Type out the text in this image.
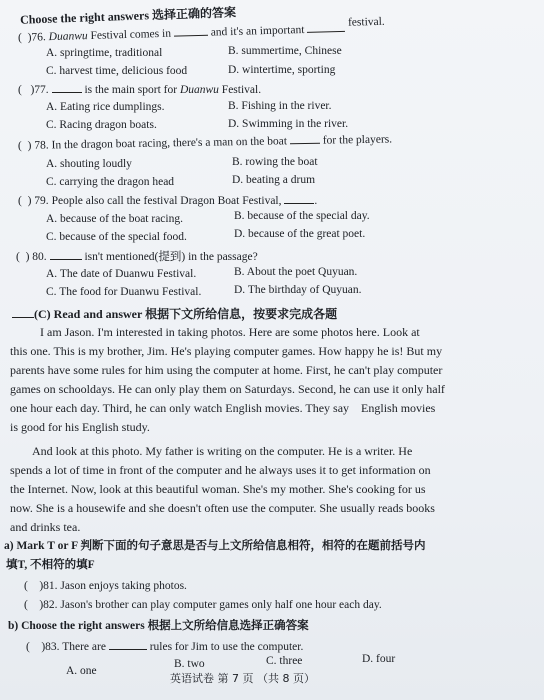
Choose the right answers 选择正确的答案
(  )76. Duanwu Festival comes in	and it's an important  festival.
A. springtime, traditional	B. summertime, Chinese
C. harvest time, delicious food	D. wintertime, sporting
(   )77.	is the main sport for Duanwu Festival.
A. Eating rice dumplings.	B. Fishing in the river.
C. Racing dragon boats.	D. Swimming in the river.
(  ) 78. In the dragon boat racing, there's a man on the boat	for the players.
A. shouting loudly	B. rowing the boat
C. carrying the dragon head	D. beating a drum
(  ) 79. People also call the festival Dragon Boat Festival,	.
A. because of the boat racing.	B. because of the special day.
C. because of the special food.	D. because of the great poet.
(  ) 80.	isn't mentioned(提到) in the passage?
A. The date of Duanwu Festival.	B. About the poet Quyuan.
C. The food for Duanwu Festival.	D. The birthday of Quyuan.
(C) Read and answer 根据下文所给信息，按要求完成各题
I am Jason. I'm interested in taking photos. Here are some photos here. Look at
this one. This is my brother, Jim. He's playing computer games. How happy he is! But my
parents have some rules for him using the computer at home. First, he can't play computer
games on schooldays. He can only play them on Saturdays. Second, he can use it only half
one hour each day. Third, he can only watch English movies. They say    English movies
is good for his English study.
And look at this photo. My father is writing on the computer. He is a writer. He
spends a lot of time in front of the computer and he always uses it to get information on
the Internet. Now, look at this beautiful woman. She's my mother. She's cooking for us
now. She is a housewife and she doesn't often use the computer. She usually reads books
and drinks tea.
a) Mark T or F 判断下面的句子意思是否与上文所给信息相符，相符的在题前括号内
填T, 不相符的填F
(    )81. Jason enjoys taking photos.
(    )82. Jason's brother can play computer games only half one hour each day.
b) Choose the right answers 根据上文所给信息选择正确答案
(    )83. There are	rules for Jim to use the computer.
A. one
B. two	C. three	D. four
英语试卷 第 7 页 （共 8 页）
